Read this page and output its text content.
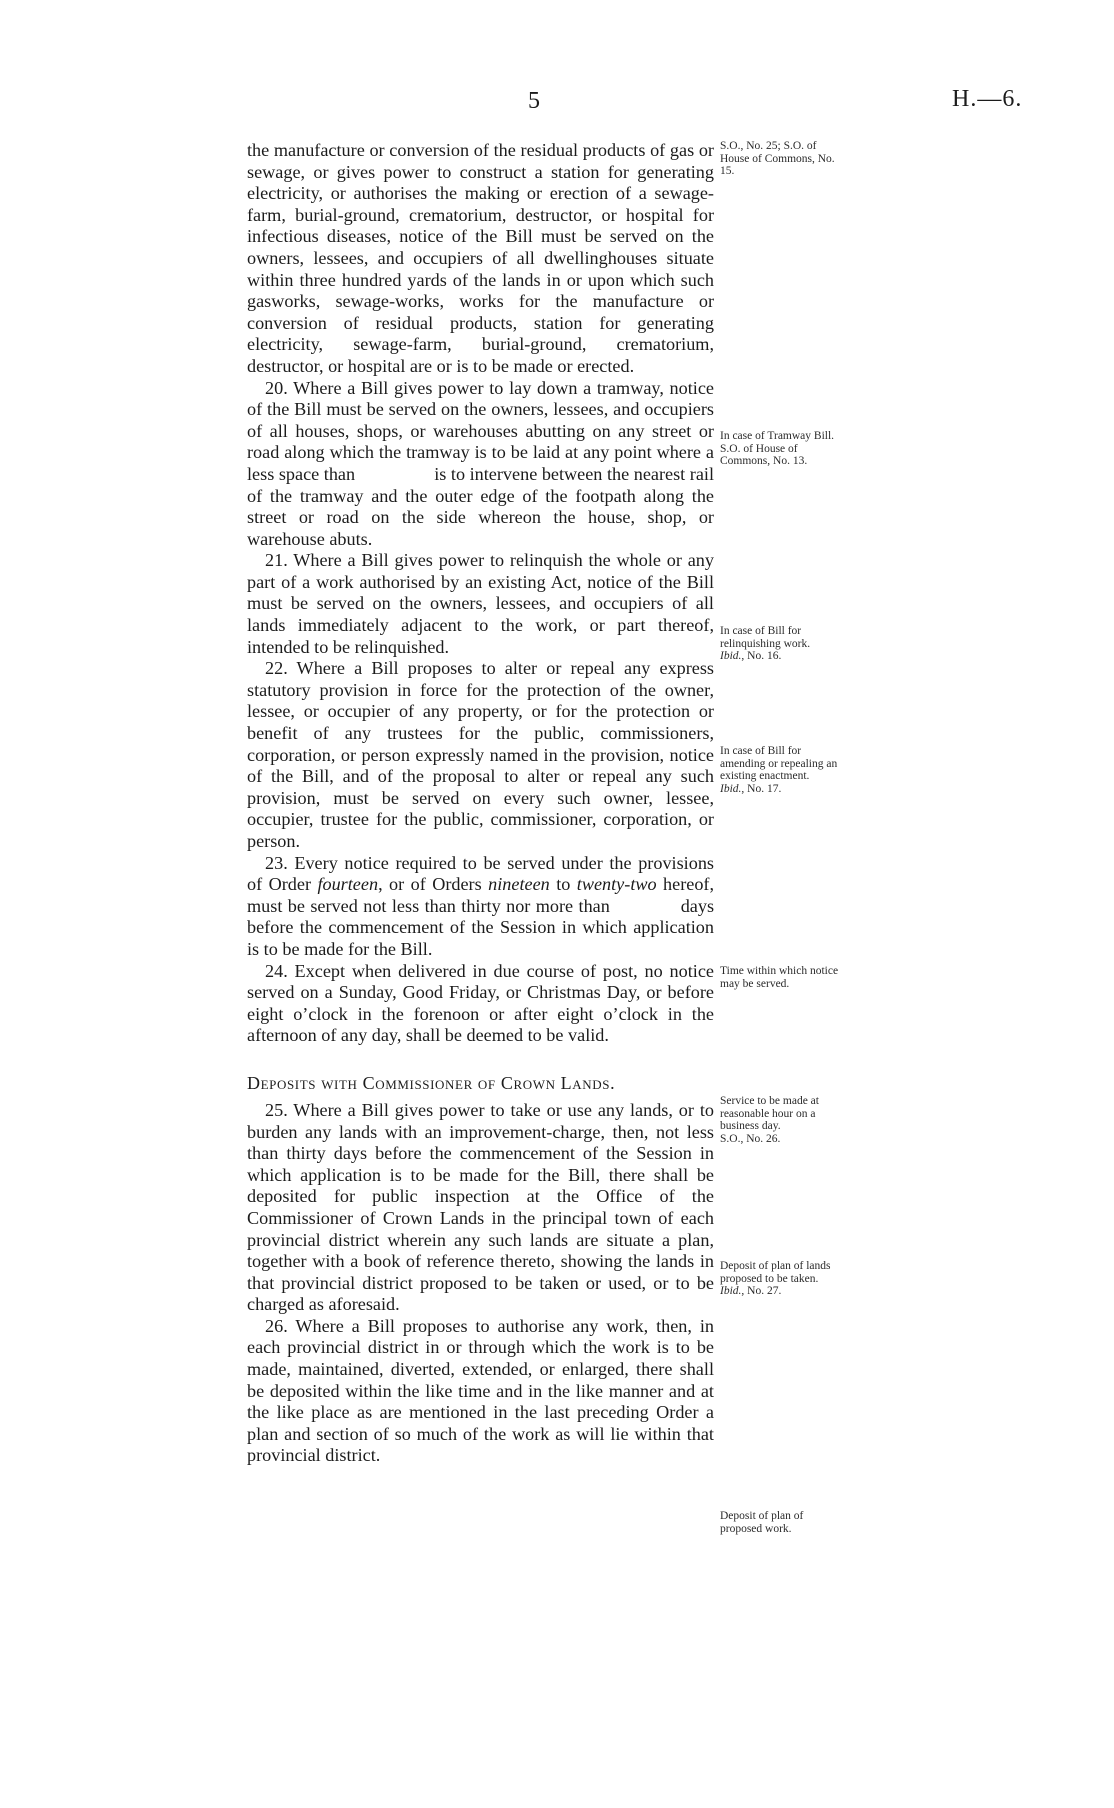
5	H.—6.

the manufacture or conversion of the residual products of gas or sewage, or gives power to construct a station for generating electricity, or authorises the making or erection of a sewage-farm, burial-ground, crematorium, destructor, or hospital for infectious diseases, notice of the Bill must be served on the owners, lessees, and occupiers of all dwellinghouses situate within three hundred yards of the lands in or upon which such gasworks, sewage-works, works for the manufacture or conversion of residual products, station for generating electricity, sewage-farm, burial-ground, crematorium, destructor, or hospital are or is to be made or erected.

20. Where a Bill gives power to lay down a tramway, notice of the Bill must be served on the owners, lessees, and occupiers of all houses, shops, or warehouses abutting on any street or road along which the tramway is to be laid at any point where a less space than	is to intervene between the nearest rail of the tramway and the outer edge of the footpath along the street or road on the side whereon the house, shop, or warehouse abuts.

21. Where a Bill gives power to relinquish the whole or any part of a work authorised by an existing Act, notice of the Bill must be served on the owners, lessees, and occupiers of all lands immediately adjacent to the work, or part thereof, intended to be relinquished.

22. Where a Bill proposes to alter or repeal any express statutory provision in force for the protection of the owner, lessee, or occupier of any property, or for the protection or benefit of any trustees for the public, commissioners, corporation, or person expressly named in the provision, notice of the Bill, and of the proposal to alter or repeal any such provision, must be served on every such owner, lessee, occupier, trustee for the public, commissioner, corporation, or person.

23. Every notice required to be served under the provisions of Order fourteen, or of Orders nineteen to twenty-two hereof, must be served not less than thirty nor more than	days before the commencement of the Session in which application is to be made for the Bill.

24. Except when delivered in due course of post, no notice served on a Sunday, Good Friday, or Christmas Day, or before eight o’clock in the forenoon or after eight o’clock in the afternoon of any day, shall be deemed to be valid.

Deposits with Commissioner of Crown Lands.

25. Where a Bill gives power to take or use any lands, or to burden any lands with an improvement-charge, then, not less than thirty days before the commencement of the Session in which application is to be made for the Bill, there shall be deposited for public inspection at the Office of the Commissioner of Crown Lands in the principal town of each provincial district wherein any such lands are situate a plan, together with a book of reference thereto, showing the lands in that provincial district proposed to be taken or used, or to be charged as aforesaid.

26. Where a Bill proposes to authorise any work, then, in each provincial district in or through which the work is to be made, maintained, diverted, extended, or enlarged, there shall be deposited within the like time and in the like manner and at the like place as are mentioned in the last preceding Order a plan and section of so much of the work as will lie within that provincial district.

S.O., No. 25; S.O. of House of Commons, No. 15.
In case of Tramway Bill.
S.O. of House of Commons, No. 13.
In case of Bill for relinquishing work.
Ibid., No. 16.
In case of Bill for amending or repealing an existing enactment.
Ibid., No. 17.
Time within which notice may be served.
Service to be made at reasonable hour on a business day.
S.O., No. 26.
Deposit of plan of lands proposed to be taken.
Ibid., No. 27.
Deposit of plan of proposed work.
